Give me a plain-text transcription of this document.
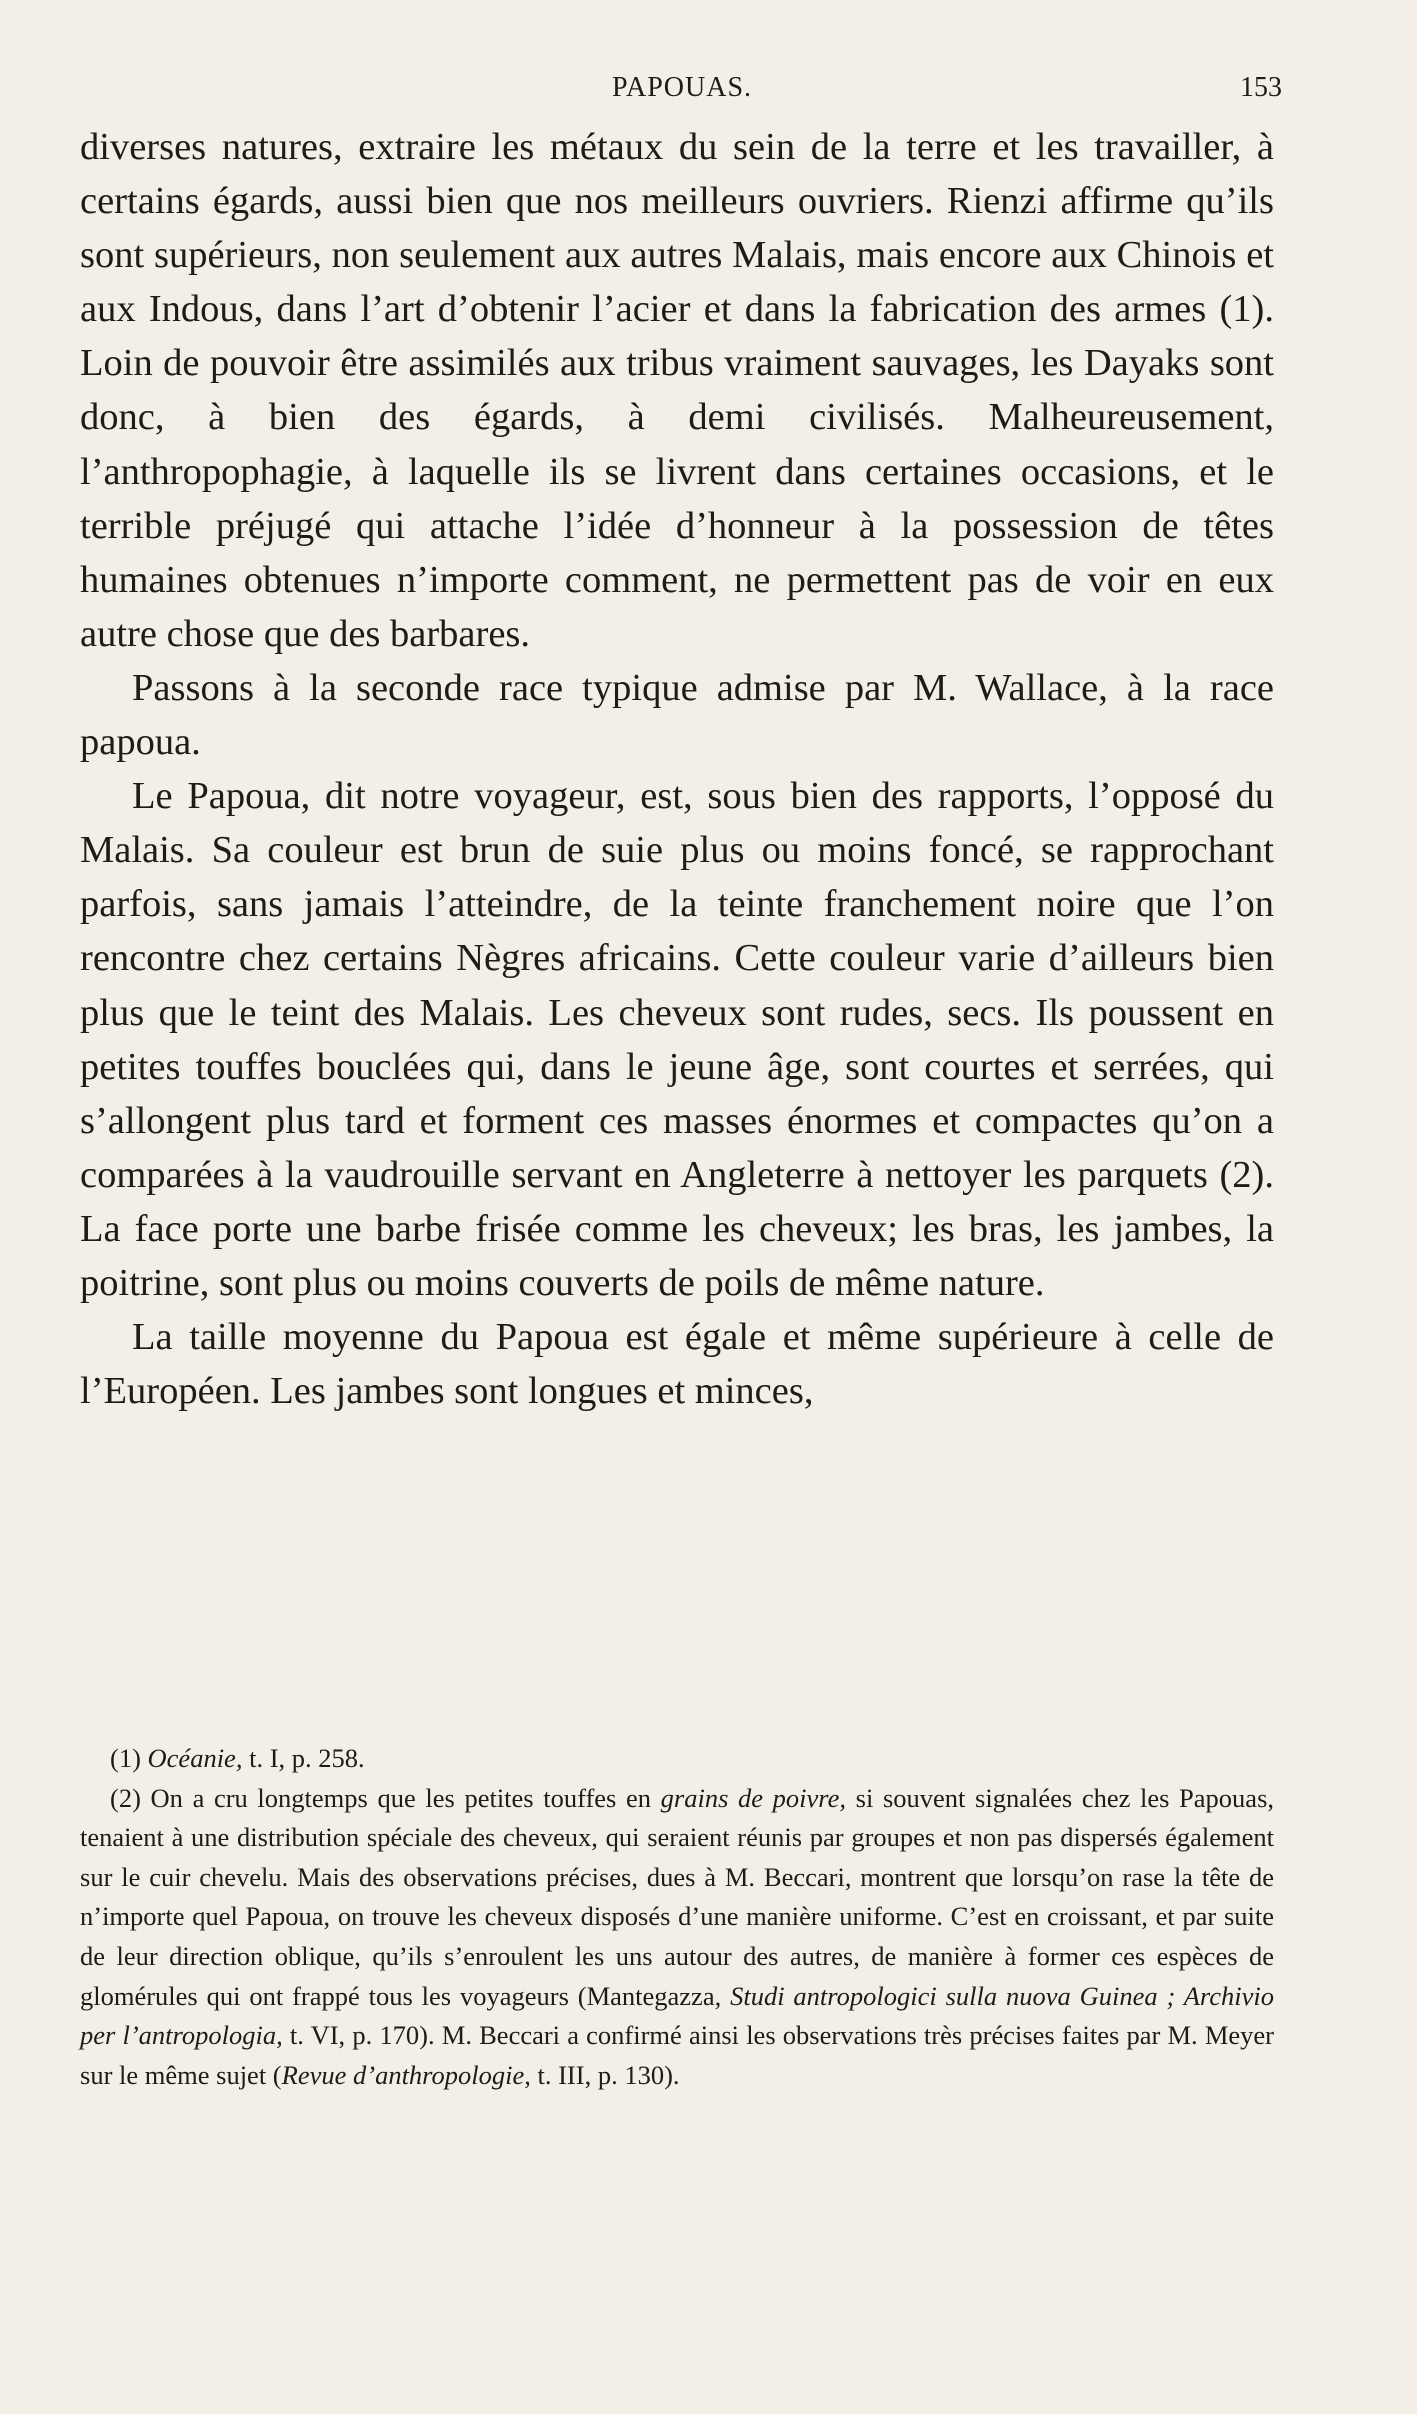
PAPOUAS.	153

diverses natures, extraire les métaux du sein de la terre et les travailler, à certains égards, aussi bien que nos meilleurs ouvriers. Rienzi affirme qu’ils sont supérieurs, non seulement aux autres Malais, mais encore aux Chinois et aux Indous, dans l’art d’obtenir l’acier et dans la fabrication des armes (1). Loin de pouvoir être assimilés aux tribus vraiment sauvages, les Dayaks sont donc, à bien des égards, à demi civilisés. Malheureusement, l’anthropophagie, à laquelle ils se livrent dans certaines occasions, et le terrible préjugé qui attache l’idée d’honneur à la possession de têtes humaines obtenues n’importe comment, ne permettent pas de voir en eux autre chose que des barbares.

Passons à la seconde race typique admise par M. Wallace, à la race papoua.

Le Papoua, dit notre voyageur, est, sous bien des rapports, l’opposé du Malais. Sa couleur est brun de suie plus ou moins foncé, se rapprochant parfois, sans jamais l’atteindre, de la teinte franchement noire que l’on rencontre chez certains Nègres africains. Cette couleur varie d’ailleurs bien plus que le teint des Malais. Les cheveux sont rudes, secs. Ils poussent en petites touffes bouclées qui, dans le jeune âge, sont courtes et serrées, qui s’allongent plus tard et forment ces masses énormes et compactes qu’on a comparées à la vaudrouille servant en Angleterre à nettoyer les parquets (2). La face porte une barbe frisée comme les cheveux; les bras, les jambes, la poitrine, sont plus ou moins couverts de poils de même nature.

La taille moyenne du Papoua est égale et même supérieure à celle de l’Européen. Les jambes sont longues et minces,

(1) Océanie, t. I, p. 258.

(2) On a cru longtemps que les petites touffes en grains de poivre, si souvent signalées chez les Papouas, tenaient à une distribution spéciale des cheveux, qui seraient réunis par groupes et non pas dispersés également sur le cuir chevelu. Mais des observations précises, dues à M. Beccari, montrent que lorsqu’on rase la tête de n’importe quel Papoua, on trouve les cheveux disposés d’une manière uniforme. C’est en croissant, et par suite de leur direction oblique, qu’ils s’enroulent les uns autour des autres, de manière à former ces espèces de glomérules qui ont frappé tous les voyageurs (Mantegazza, Studi antropologici sulla nuova Guinea ; Archivio per l’antropologia, t. VI, p. 170). M. Beccari a confirmé ainsi les observations très précises faites par M. Meyer sur le même sujet (Revue d’anthropologie, t. III, p. 130).
